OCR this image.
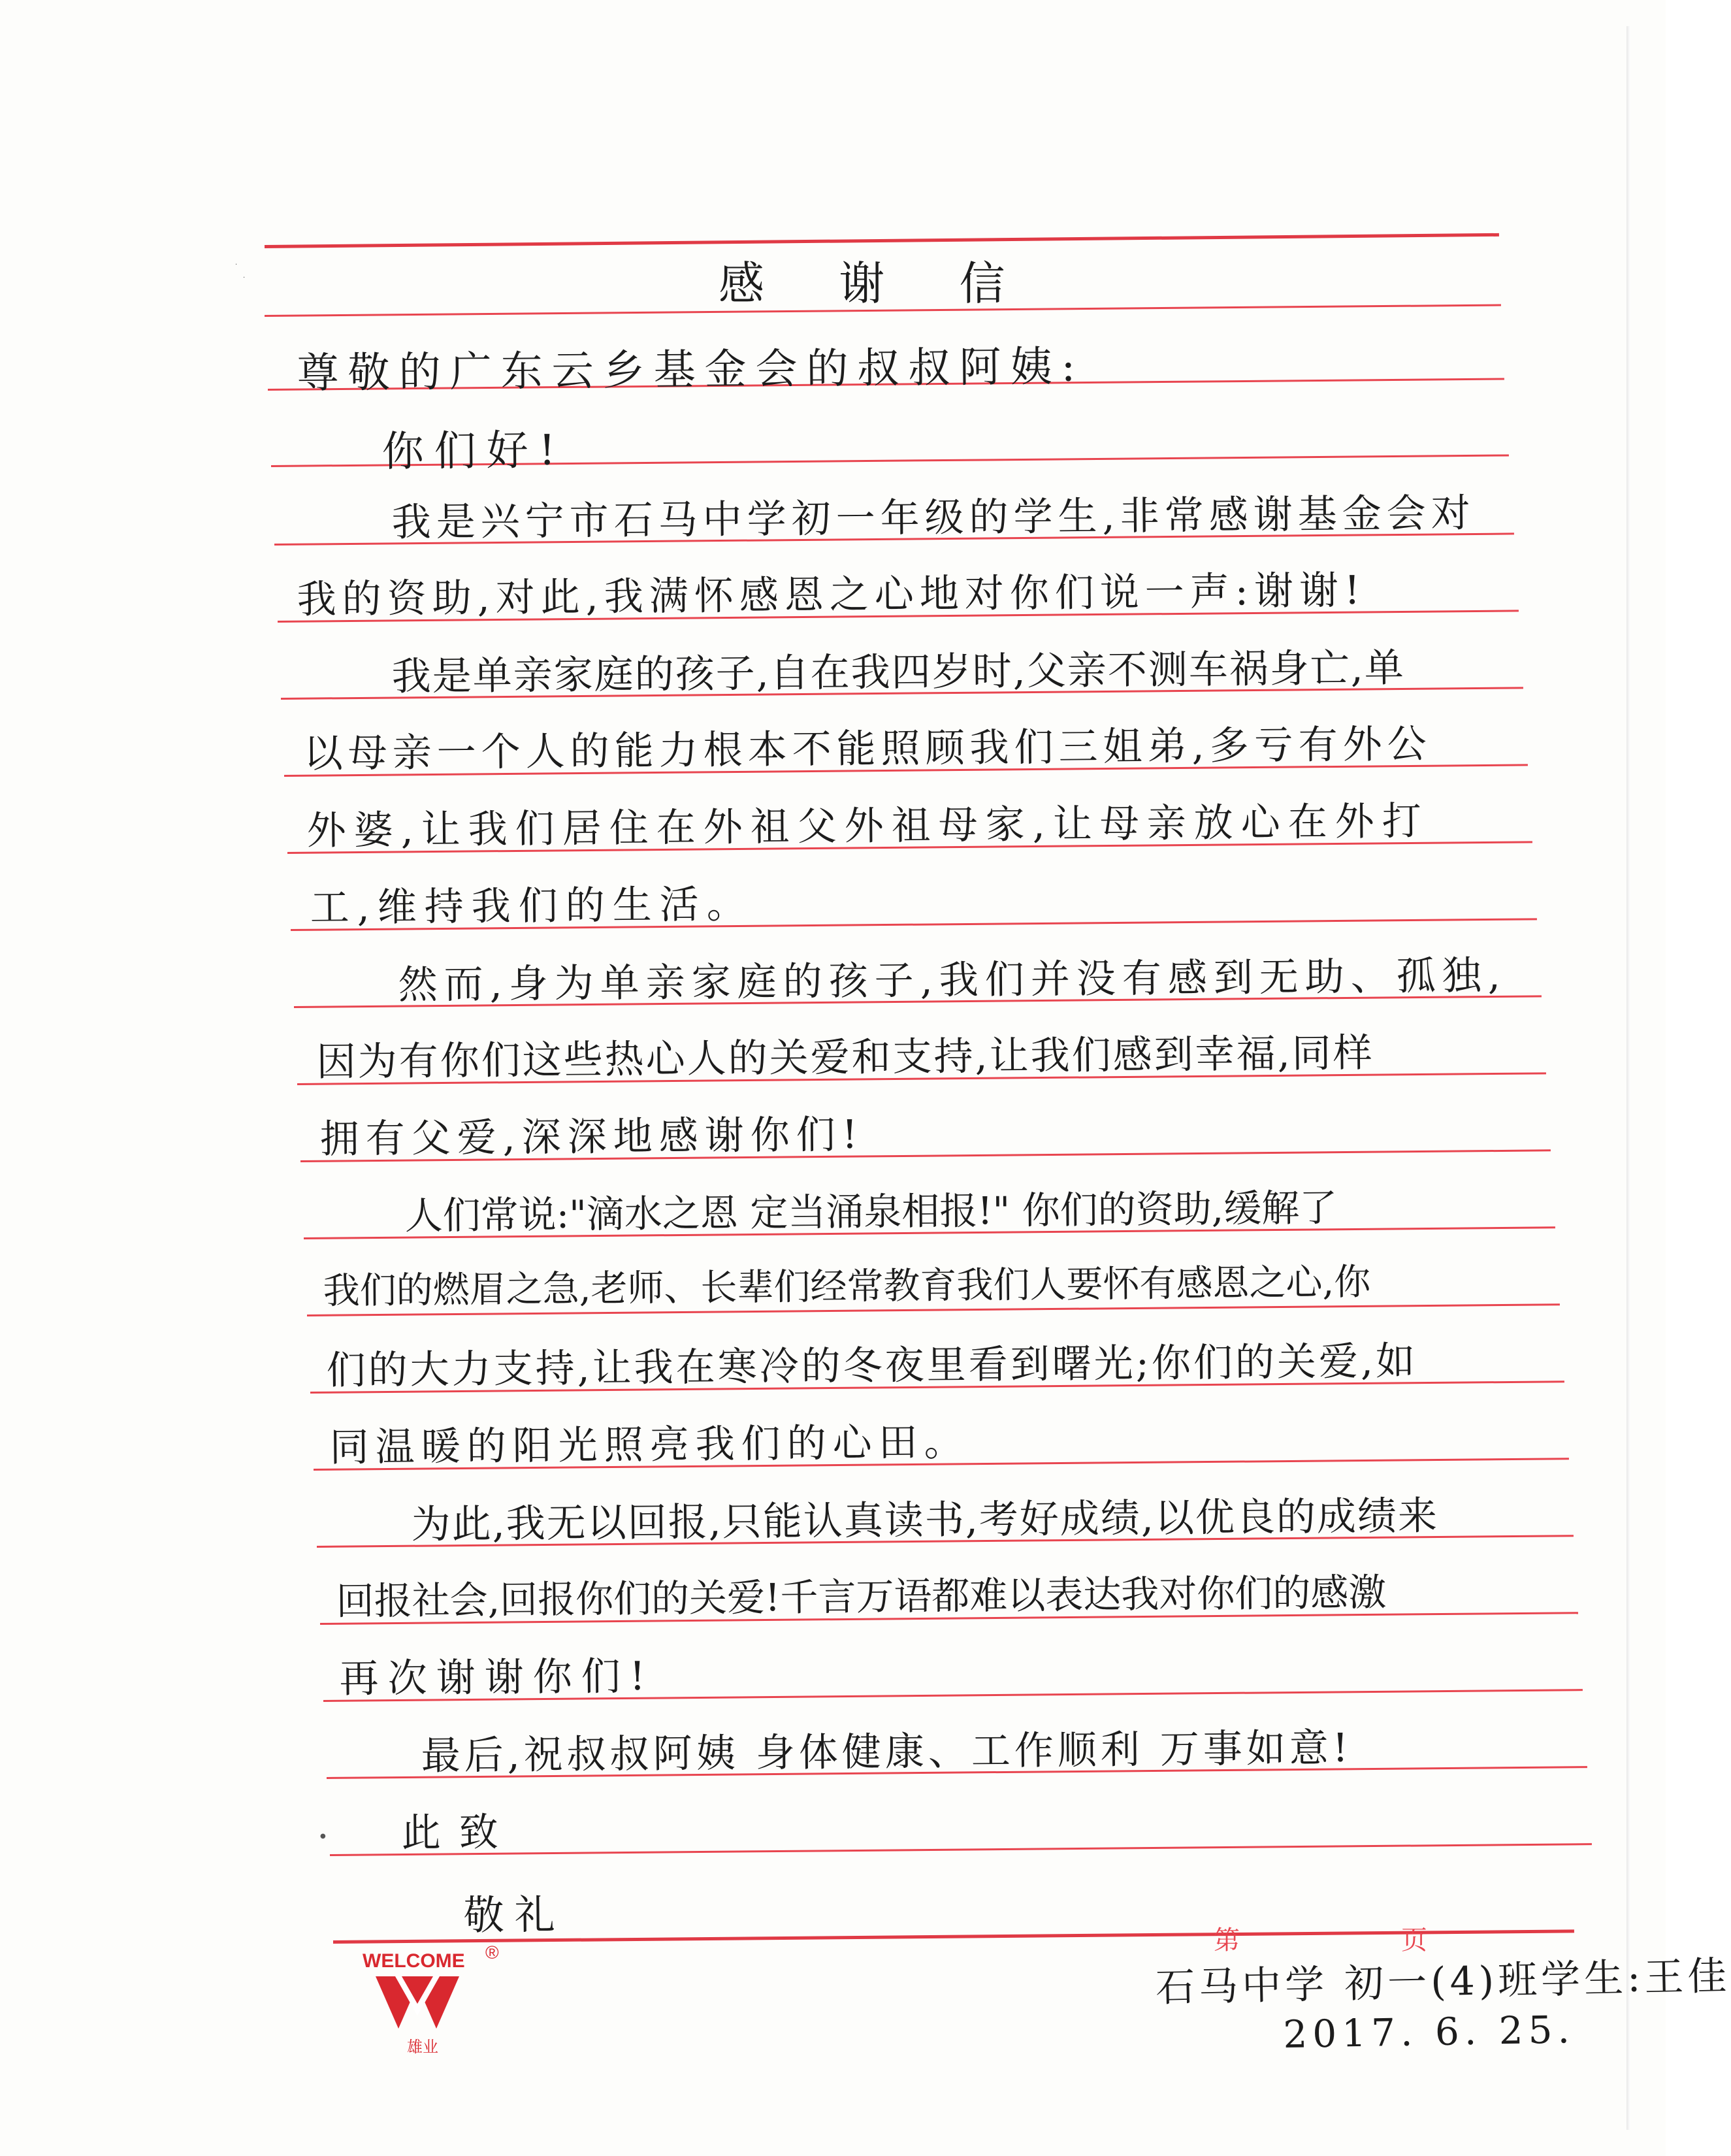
·
·
●
感 谢 信
尊敬的广东云乡基金会的叔叔阿姨:
你们好!
我是兴宁市石马中学初一年级的学生,非常感谢基金会对
我的资助,对此,我满怀感恩之心地对你们说一声:谢谢!
我是单亲家庭的孩子,自在我四岁时,父亲不测车祸身亡,单
以母亲一个人的能力根本不能照顾我们三姐弟,多亏有外公
外婆,让我们居住在外祖父外祖母家,让母亲放心在外打
工,维持我们的生活。
然而,身为单亲家庭的孩子,我们并没有感到无助、孤独,
因为有你们这些热心人的关爱和支持,让我们感到幸福,同样
拥有父爱,深深地感谢你们!
人们常说:"滴水之恩 定当涌泉相报!" 你们的资助,缓解了
我们的燃眉之急,老师、长辈们经常教育我们人要怀有感恩之心,你
们的大力支持,让我在寒冷的冬夜里看到曙光;你们的关爱,如
同温暖的阳光照亮我们的心田。
为此,我无以回报,只能认真读书,考好成绩,以优良的成绩来
回报社会,回报你们的关爱!千言万语都难以表达我对你们的感激
再次谢谢你们!
最后,祝叔叔阿姨 身体健康、工作顺利 万事如意!
此致
敬礼
第	页
WELCOME ®
雄业
石马中学 初一(4)班学生:王佳
2017. 6. 25.
